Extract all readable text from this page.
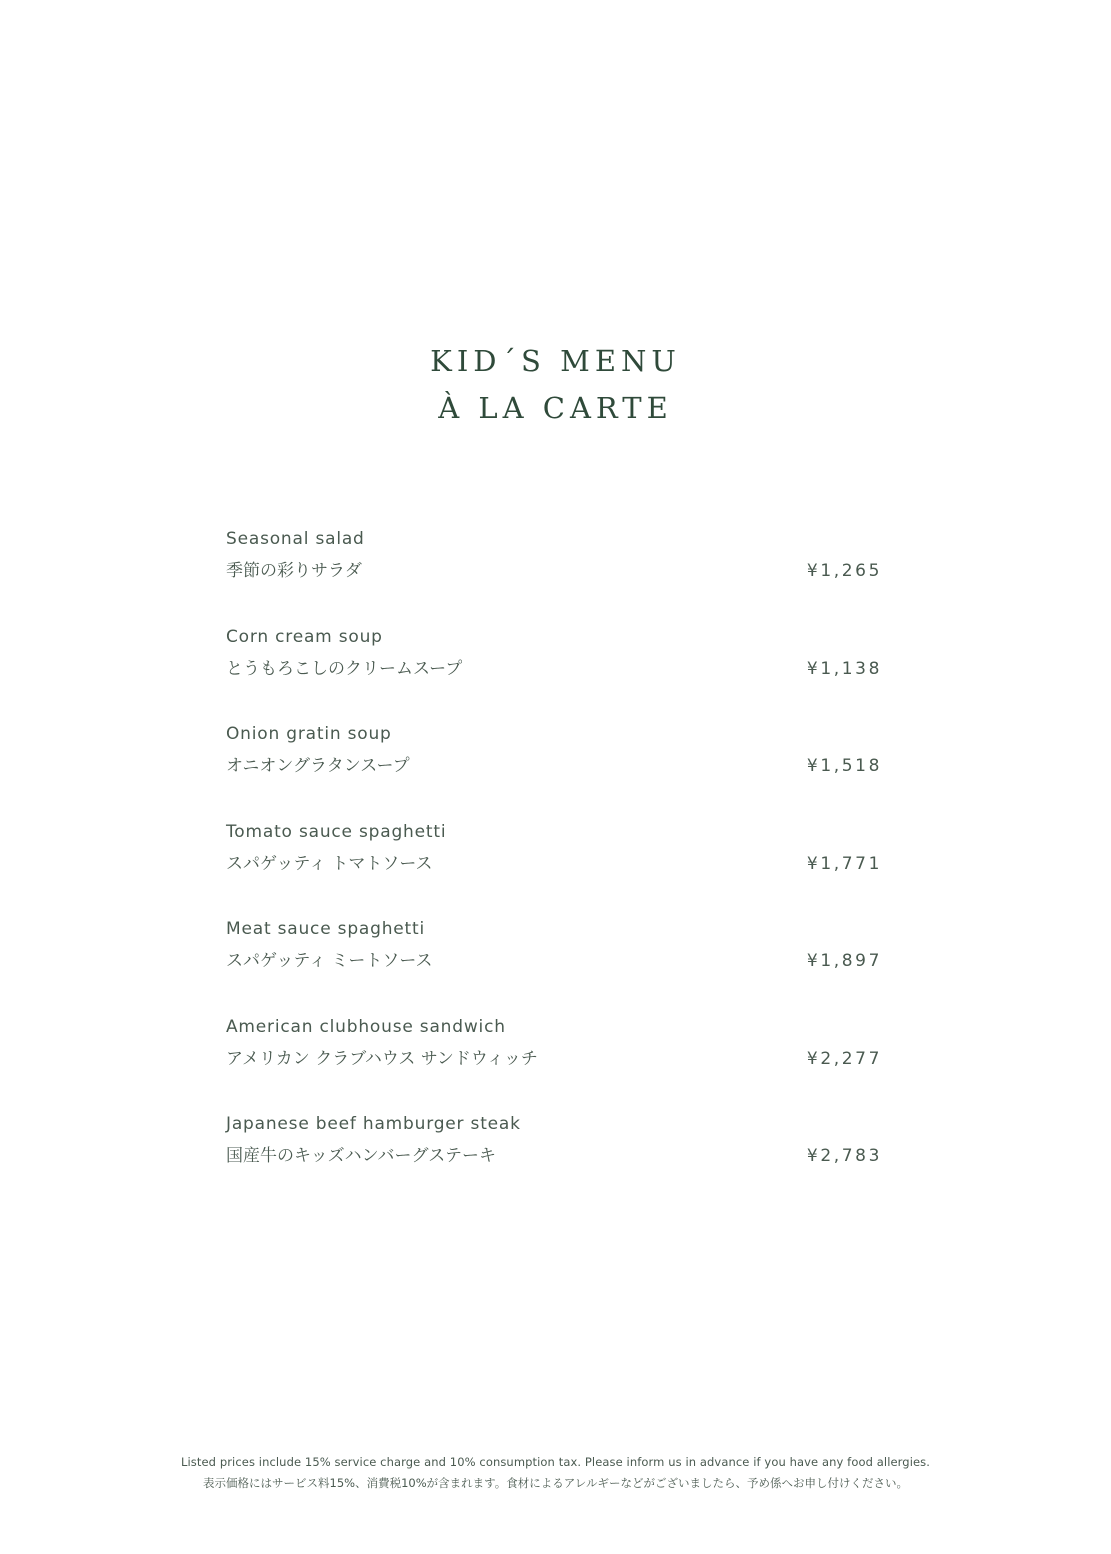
KID´S MENU
À LA CARTE
Seasonal salad
季節の彩りサラダ	¥1,265
Corn cream soup
とうもろこしのクリームスープ	¥1,138
Onion gratin soup
オニオングラタンスープ	¥1,518
Tomato sauce spaghetti
スパゲッティ トマトソース	¥1,771
Meat sauce spaghetti
スパゲッティ ミートソース	¥1,897
American clubhouse sandwich
アメリカン クラブハウス サンドウィッチ	¥2,277
Japanese beef hamburger steak
国産牛のキッズハンバーグステーキ	¥2,783
Listed prices include 15% service charge and 10% consumption tax. Please inform us in advance if you have any food allergies.
表示価格にはサービス料15%、消費税10%が含まれます。食材によるアレルギーなどがございましたら、予め係へお申し付けください。
